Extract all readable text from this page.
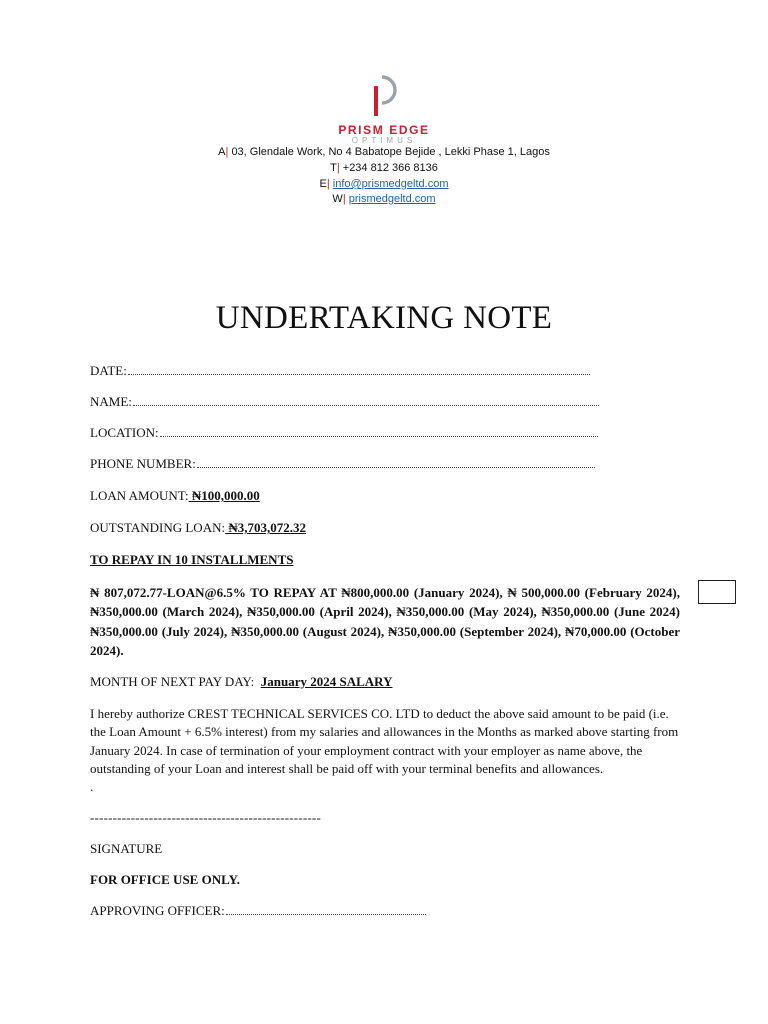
PRISM EDGE
OPTIMUS
A| 03, Glendale Work, No 4 Babatope Bejide , Lekki Phase 1, Lagos
T| +234 812 366 8136
E| info@prismedgeltd.com
W| prismedgeltd.com
UNDERTAKING NOTE
DATE:
NAME:
LOCATION:
PHONE NUMBER:
LOAN AMOUNT: ₦100,000.00
OUTSTANDING LOAN: ₦3,703,072.32
TO REPAY IN 10 INSTALLMENTS
₦ 807,072.77-LOAN@6.5% TO REPAY AT ₦800,000.00 (January 2024), ₦ 500,000.00 (February 2024), ₦350,000.00 (March 2024), ₦350,000.00 (April 2024), ₦350,000.00 (May 2024), ₦350,000.00 (June 2024) ₦350,000.00 (July 2024), ₦350,000.00 (August 2024), ₦350,000.00 (September 2024), ₦70,000.00 (October 2024).
MONTH OF NEXT PAY DAY: January 2024 SALARY
I hereby authorize CREST TECHNICAL SERVICES CO. LTD to deduct the above said amount to be paid (i.e. the Loan Amount + 6.5% interest) from my salaries and allowances in the Months as marked above starting from January 2024. In case of termination of your employment contract with your employer as name above, the outstanding of your Loan and interest shall be paid off with your terminal benefits and allowances.
.
---------------------------------------------------
SIGNATURE
FOR OFFICE USE ONLY.
APPROVING OFFICER:
